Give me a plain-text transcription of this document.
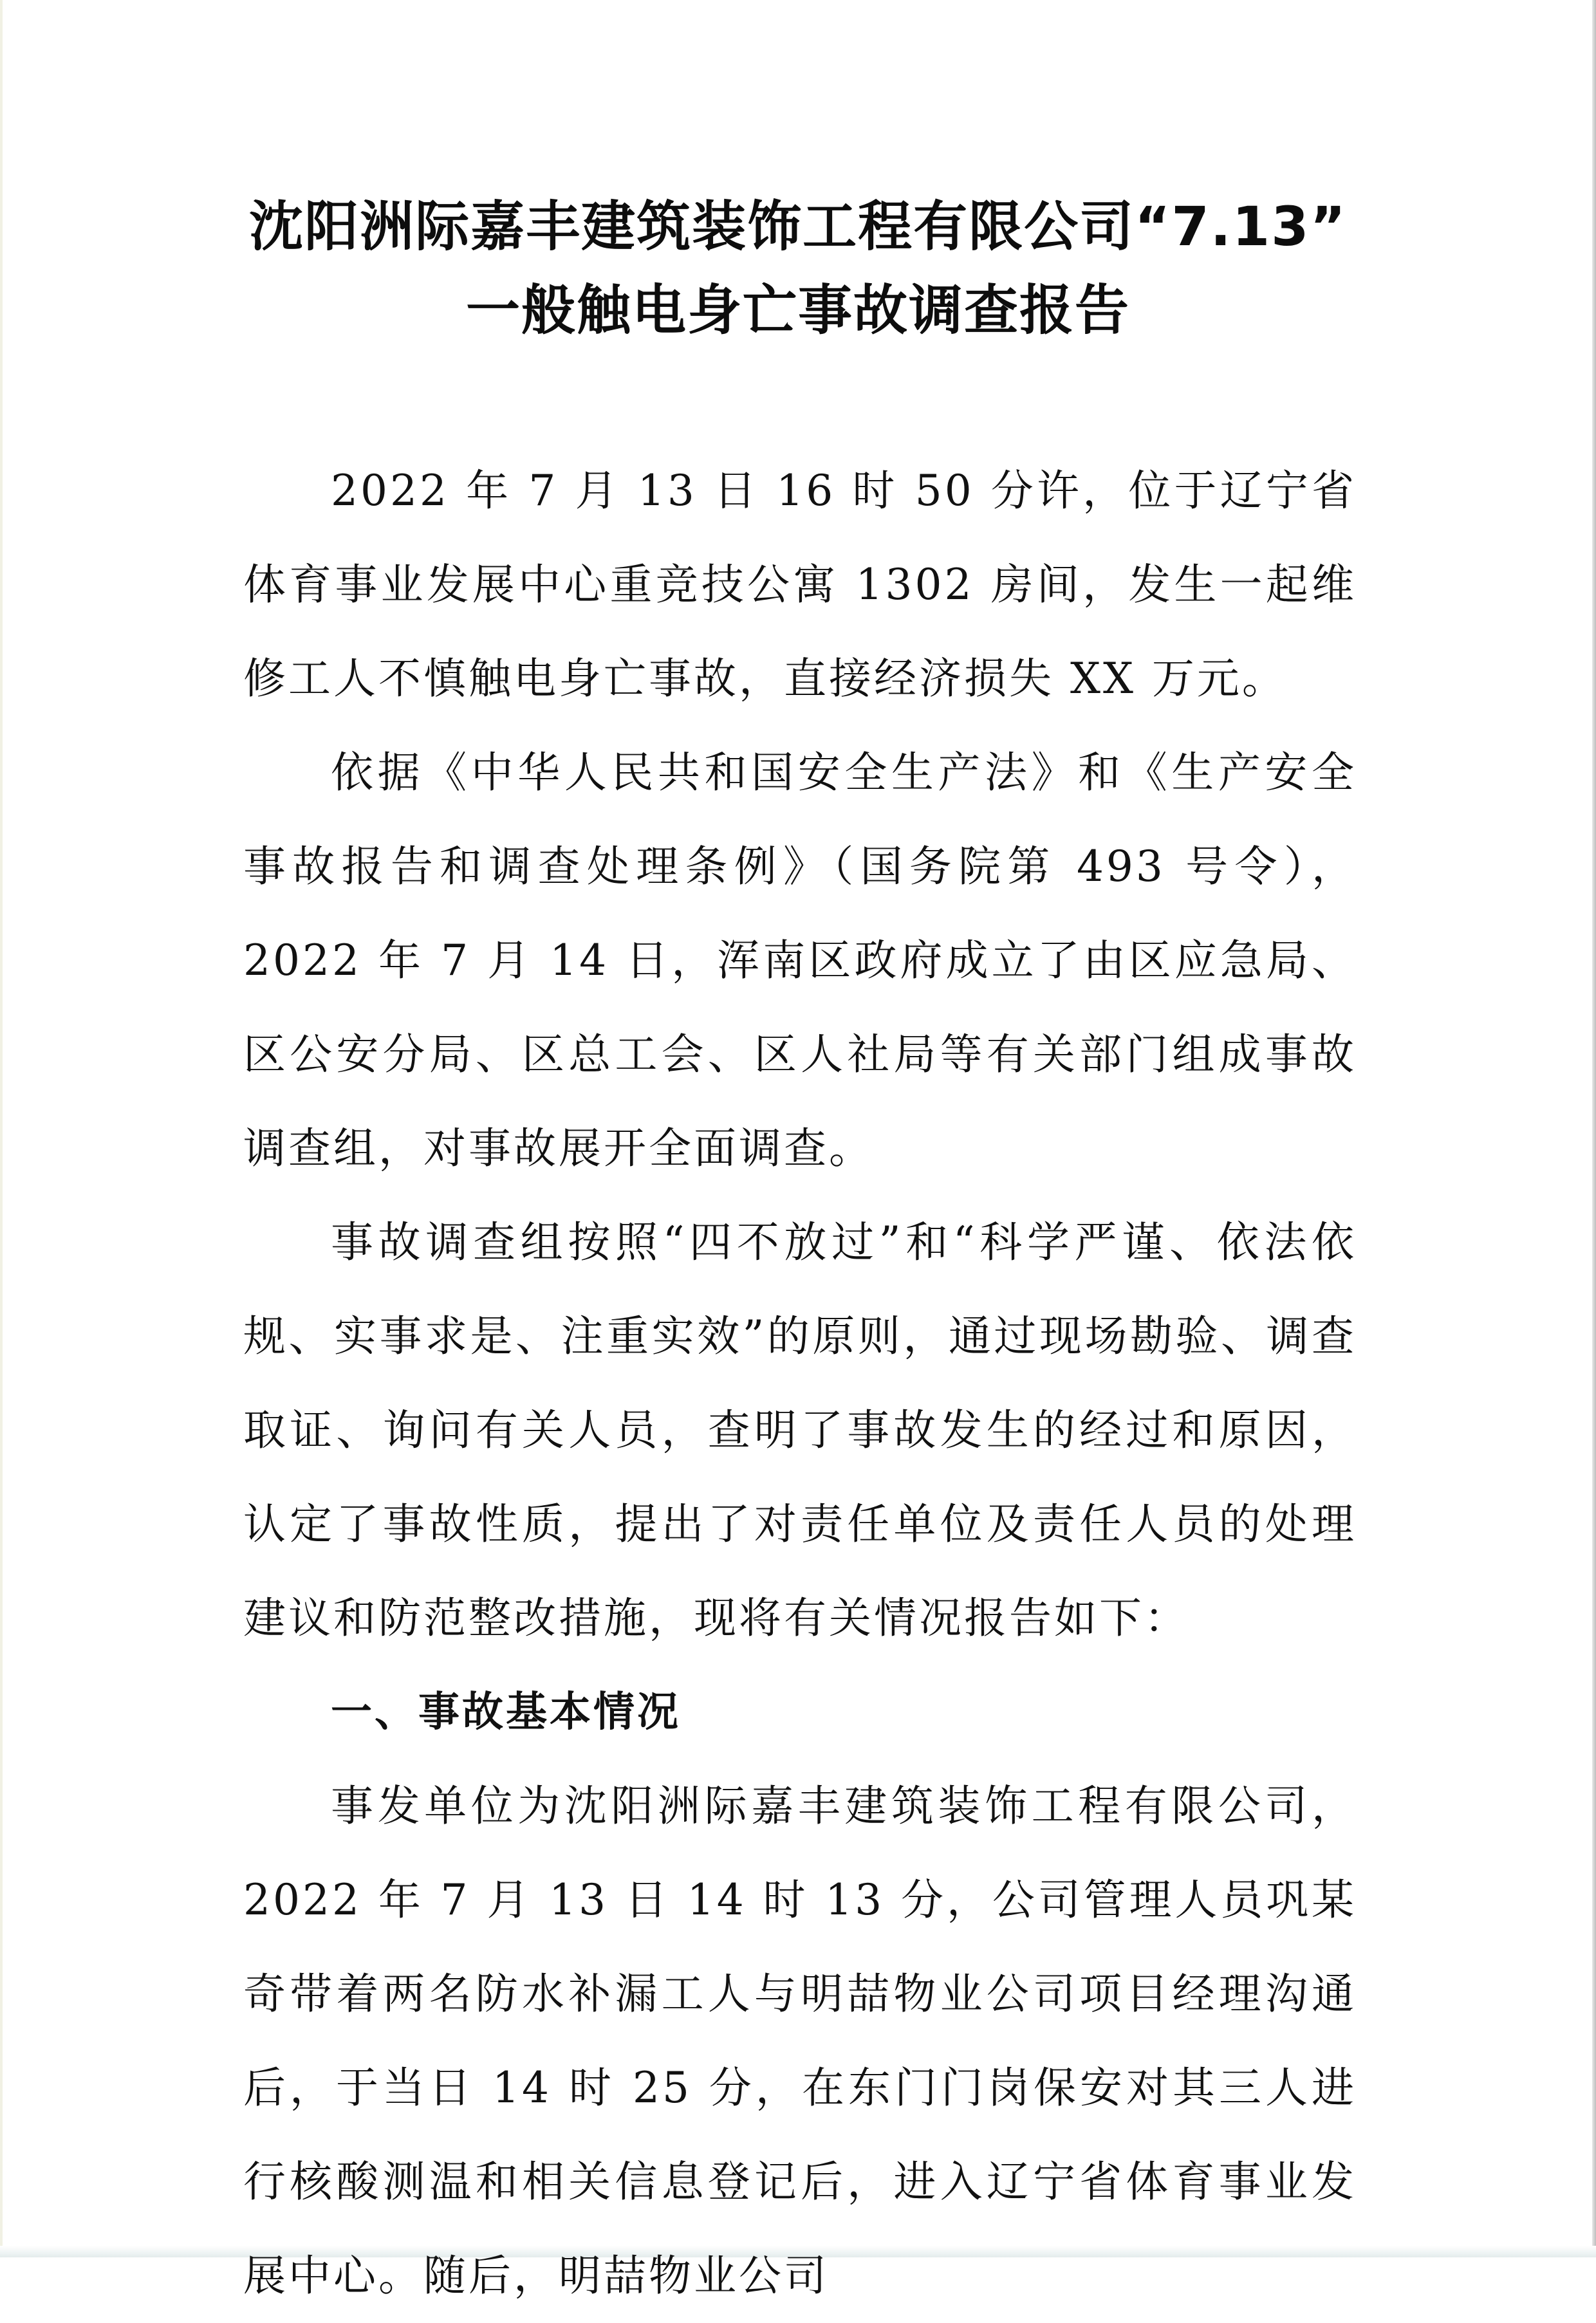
沈阳洲际嘉丰建筑装饰工程有限公司“7.13”
一般触电身亡事故调查报告

2022 年 7 月 13 日 16 时 50 分许，位于辽宁省体育事业发展中心重竞技公寓 1302 房间，发生一起维修工人不慎触电身亡事故，直接经济损失 XX 万元。

依据《中华人民共和国安全生产法》和《生产安全事故报告和调查处理条例》（国务院第 493 号令），2022 年 7 月 14 日，浑南区政府成立了由区应急局、区公安分局、区总工会、区人社局等有关部门组成事故调查组，对事故展开全面调查。

事故调查组按照“四不放过”和“科学严谨、依法依规、实事求是、注重实效”的原则，通过现场勘验、调查取证、询问有关人员，查明了事故发生的经过和原因，认定了事故性质，提出了对责任单位及责任人员的处理建议和防范整改措施，现将有关情况报告如下：

一、事故基本情况

事发单位为沈阳洲际嘉丰建筑装饰工程有限公司，2022 年 7 月 13 日 14 时 13 分，公司管理人员巩某奇带着两名防水补漏工人与明喆物业公司项目经理沟通后，于当日 14 时 25 分，在东门门岗保安对其三人进行核酸测温和相关信息登记后，进入辽宁省体育事业发展中心。随后，明喆物业公司
